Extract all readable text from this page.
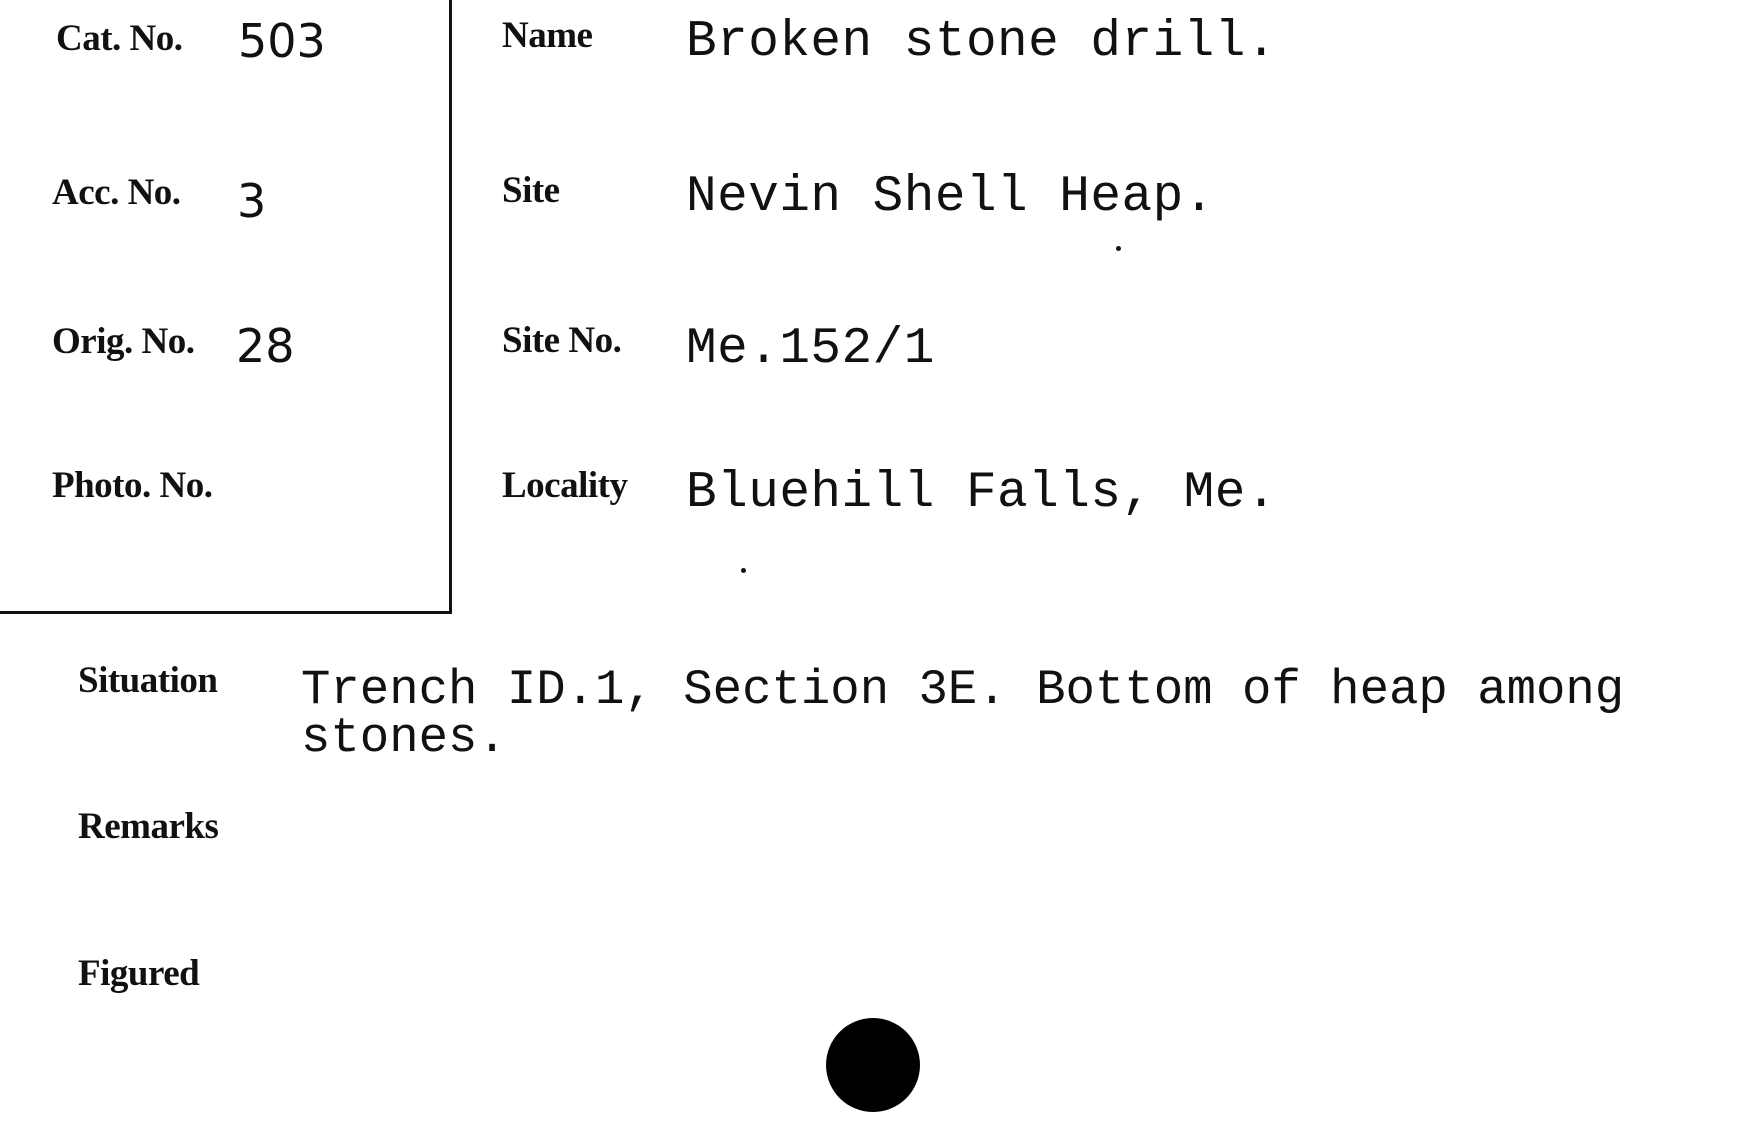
Cat. No. 503
Acc. No. 3
Orig. No. 28
Photo. No.
Name Broken stone drill.
Site Nevin Shell Heap.
Site No. Me.152/1
Locality Bluehill Falls, Me.
Situation Trench ID.1, Section 3E. Bottom of heap among
stones.
Remarks
Figured
